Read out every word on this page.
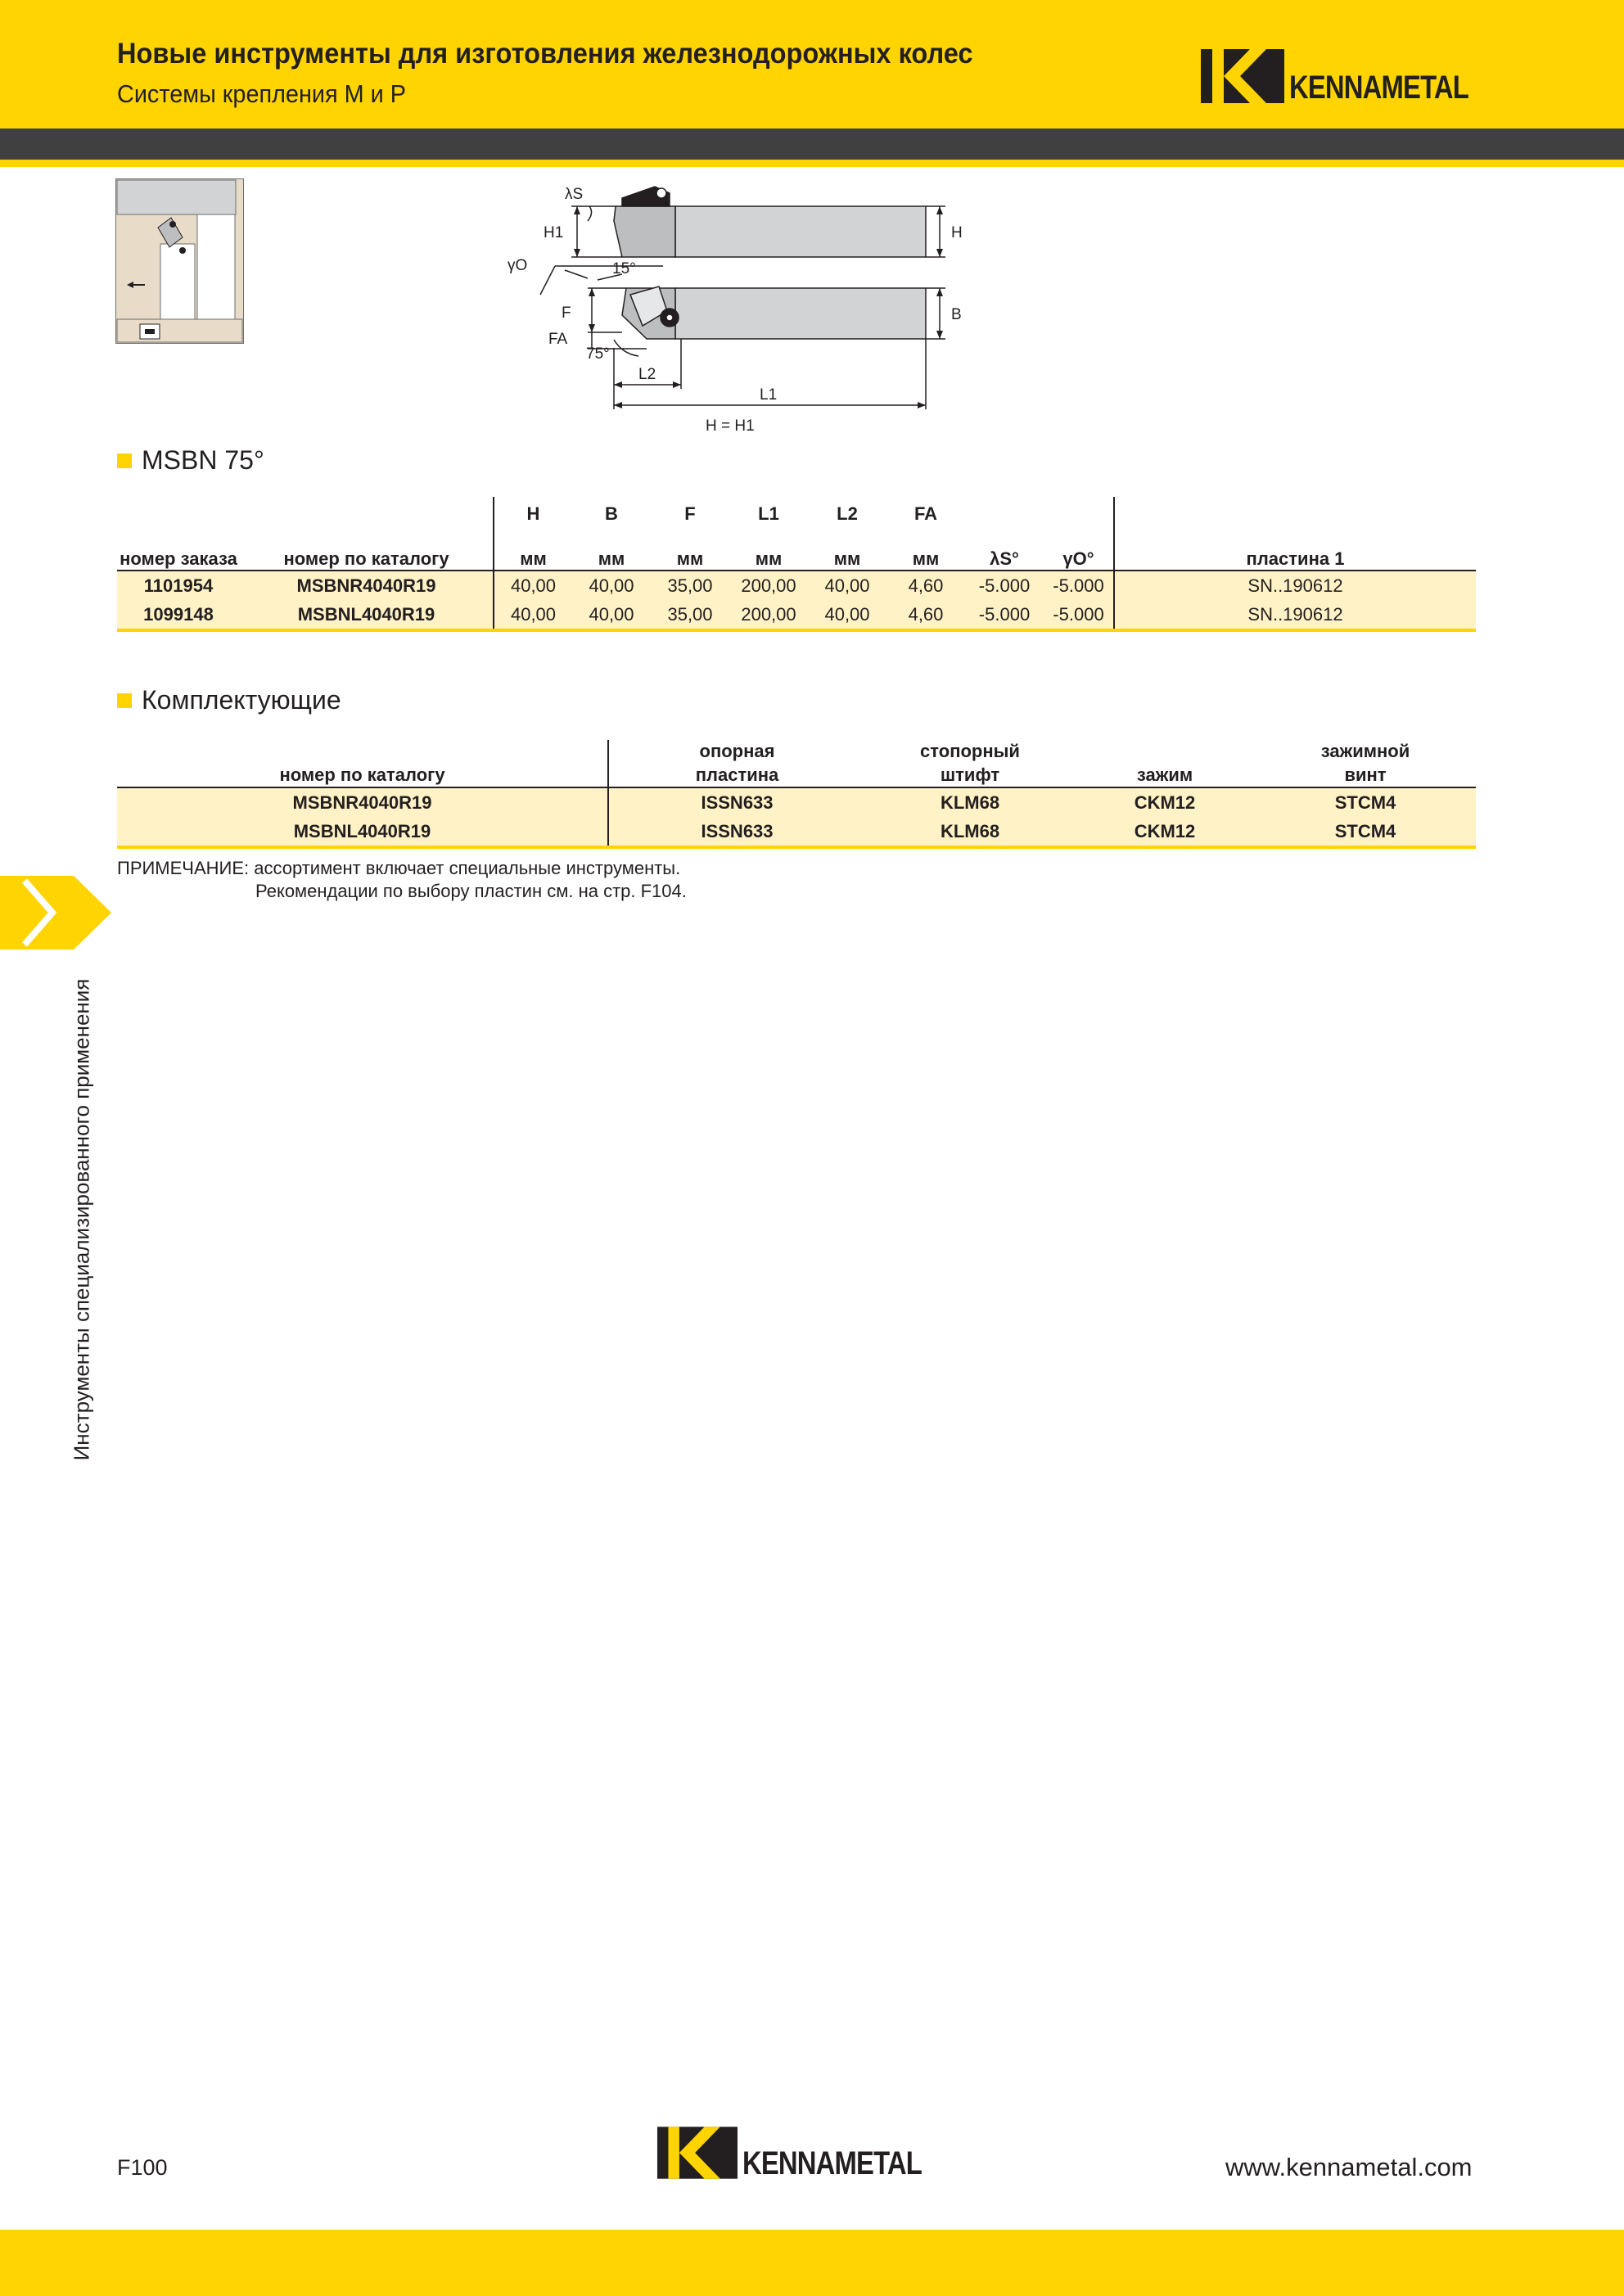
Новые инструменты для изготовления железнодорожных колес
Системы крепления M и P	KENNAMETAL
λS
H1	H
γO	15°
F	B
FA
75°
L2
L1
H = H1
MSBN 75°
		H	B	F	L1	L2	FA			
номер заказа	номер по каталогу	мм	мм	мм	мм	мм	мм	λS°	γO°	пластина 1
1101954	MSBNR4040R19	40,00	40,00	35,00	200,00	40,00	4,60	-5.000	-5.000	SN..190612
1099148	MSBNL4040R19	40,00	40,00	35,00	200,00	40,00	4,60	-5.000	-5.000	SN..190612
Комплектующие
	опорная	стопорный		зажимной
номер по каталогу	пластина	штифт	зажим	винт
MSBNR4040R19	ISSN633	KLM68	CKM12	STCM4
MSBNL4040R19	ISSN633	KLM68	CKM12	STCM4
ПРИМЕЧАНИЕ: ассортимент включает специальные инструменты.
Рекомендации по выбору пластин см. на стр. F104.
Инструменты специализированного применения
F100	KENNAMETAL	www.kennametal.com
